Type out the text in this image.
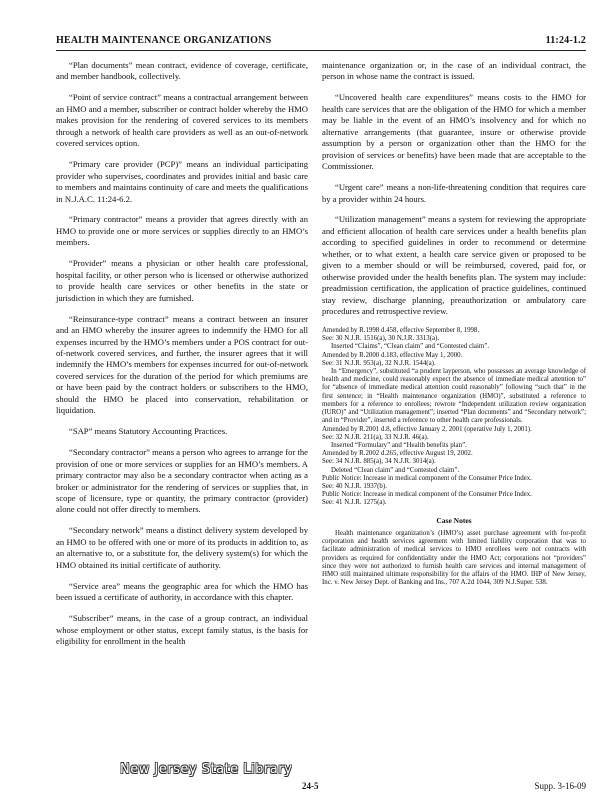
HEALTH MAINTENANCE ORGANIZATIONS	11:24-1.2

“Plan documents” mean contract, evidence of coverage, certificate, and member handbook, collectively.

“Point of service contract” means a contractual arrangement between an HMO and a member, subscriber or contract holder whereby the HMO makes provision for the rendering of covered services to its members through a network of health care providers as well as an out-of-network covered services option.

“Primary care provider (PCP)” means an individual participating provider who supervises, coordinates and provides initial and basic care to members and maintains continuity of care and meets the qualifications in N.J.A.C. 11:24-6.2.

“Primary contractor” means a provider that agrees directly with an HMO to provide one or more services or supplies directly to an HMO’s members.

“Provider” means a physician or other health care professional, hospital facility, or other person who is licensed or otherwise authorized to provide health care services or other benefits in the state or jurisdiction in which they are furnished.

“Reinsurance-type contract” means a contract between an insurer and an HMO whereby the insurer agrees to indemnify the HMO for all expenses incurred by the HMO’s members under a POS contract for out-of-network covered services, and further, the insurer agrees that it will indemnify the HMO’s members for expenses incurred for out-of-network covered services for the duration of the period for which premiums are or have been paid by the contract holders or subscribers to the HMO, should the HMO be placed into conservation, rehabilitation or liquidation.

“SAP” means Statutory Accounting Practices.

“Secondary contractor” means a person who agrees to arrange for the provision of one or more services or supplies for an HMO’s members. A primary contractor may also be a secondary contractor when acting as a broker or administrator for the rendering of services or supplies that, in scope of licensure, type or quantity, the primary contractor (provider) alone could not offer directly to members.

“Secondary network” means a distinct delivery system developed by an HMO to be offered with one or more of its products in addition to, as an alternative to, or a substitute for, the delivery system(s) for which the HMO obtained its initial certificate of authority.

“Service area” means the geographic area for which the HMO has been issued a certificate of authority, in accordance with this chapter.

“Subscriber” means, in the case of a group contract, an individual whose employment or other status, except family status, is the basis for eligibility for enrollment in the health

maintenance organization or, in the case of an individual contract, the person in whose name the contract is issued.

“Uncovered health care expenditures” means costs to the HMO for health care services that are the obligation of the HMO for which a member may be liable in the event of an HMO’s insolvency and for which no alternative arrangements (that guarantee, insure or otherwise provide assumption by a person or organization other than the HMO for the provision of services or benefits) have been made that are acceptable to the Commissioner.

“Urgent care” means a non-life-threatening condition that requires care by a provider within 24 hours.

“Utilization management” means a system for reviewing the appropriate and efficient allocation of health care services under a health benefits plan according to specified guidelines in order to recommend or determine whether, or to what extent, a health care service given or proposed to be given to a member should or will be reimbursed, covered, paid for, or otherwise provided under the health benefits plan. The system may include: preadmission certification, the application of practice guidelines, continued stay review, discharge planning, preauthorization or ambulatory care procedures and retrospective review.

Amended by R.1998 d.458, effective September 8, 1998.
See: 30 N.J.R. 1516(a), 30 N.J.R. 3313(a).
Inserted “Claims”, “Clean claim” and “Contested claim”.
Amended by R.2000 d.183, effective May 1, 2000.
See: 31 N.J.R. 953(a), 32 N.J.R. 1544(a).
In “Emergency”, substituted “a prudent layperson, who possesses an average knowledge of health and medicine, could reasonably expect the absence of immediate medical attention to” for “absence of immediate medical attention could reasonably” following “such that” in the first sentence; in “Health maintenance organization (HMO)”, substituted a reference to members for a reference to enrollees; rewrote “Independent utilization review organization (IURO)” and “Utilization management”; inserted “Plan documents” and “Secondary network”; and in “Provider”, inserted a reference to other health care professionals.
Amended by R.2001 d.8, effective January 2, 2001 (operative July 1, 2001).
See: 32 N.J.R. 211(a), 33 N.J.R. 46(a).
Inserted “Formulary” and “Health benefits plan”.
Amended by R.2002 d.265, effective August 19, 2002.
See: 34 N.J.R. 885(a), 34 N.J.R. 3014(a).
Deleted “Clean claim” and “Contested claim”.
Public Notice: Increase in medical component of the Consumer Price Index.
See: 40 N.J.R. 1937(b).
Public Notice: Increase in medical component of the Consumer Price Index.
See: 41 N.J.R. 1275(a).
Case Notes

Health maintenance organization’s (HMO’s) asset purchase agreement with for-profit corporation and health services agreement with limited liability corporation that was to facilitate administration of medical services to HMO enrollees were not contracts with providers as required for confidentiality under the HMO Act; corporations not “providers” since they were not authorized to furnish health care services and internal management of HMO still maintained ultimate responsibility for the affairs of the HMO. IHP of New Jersey, Inc. v. New Jersey Dept. of Banking and Ins., 707 A.2d 1044, 309 N.J.Super. 538.

New Jersey State Library
24-5	Supp. 3-16-09
